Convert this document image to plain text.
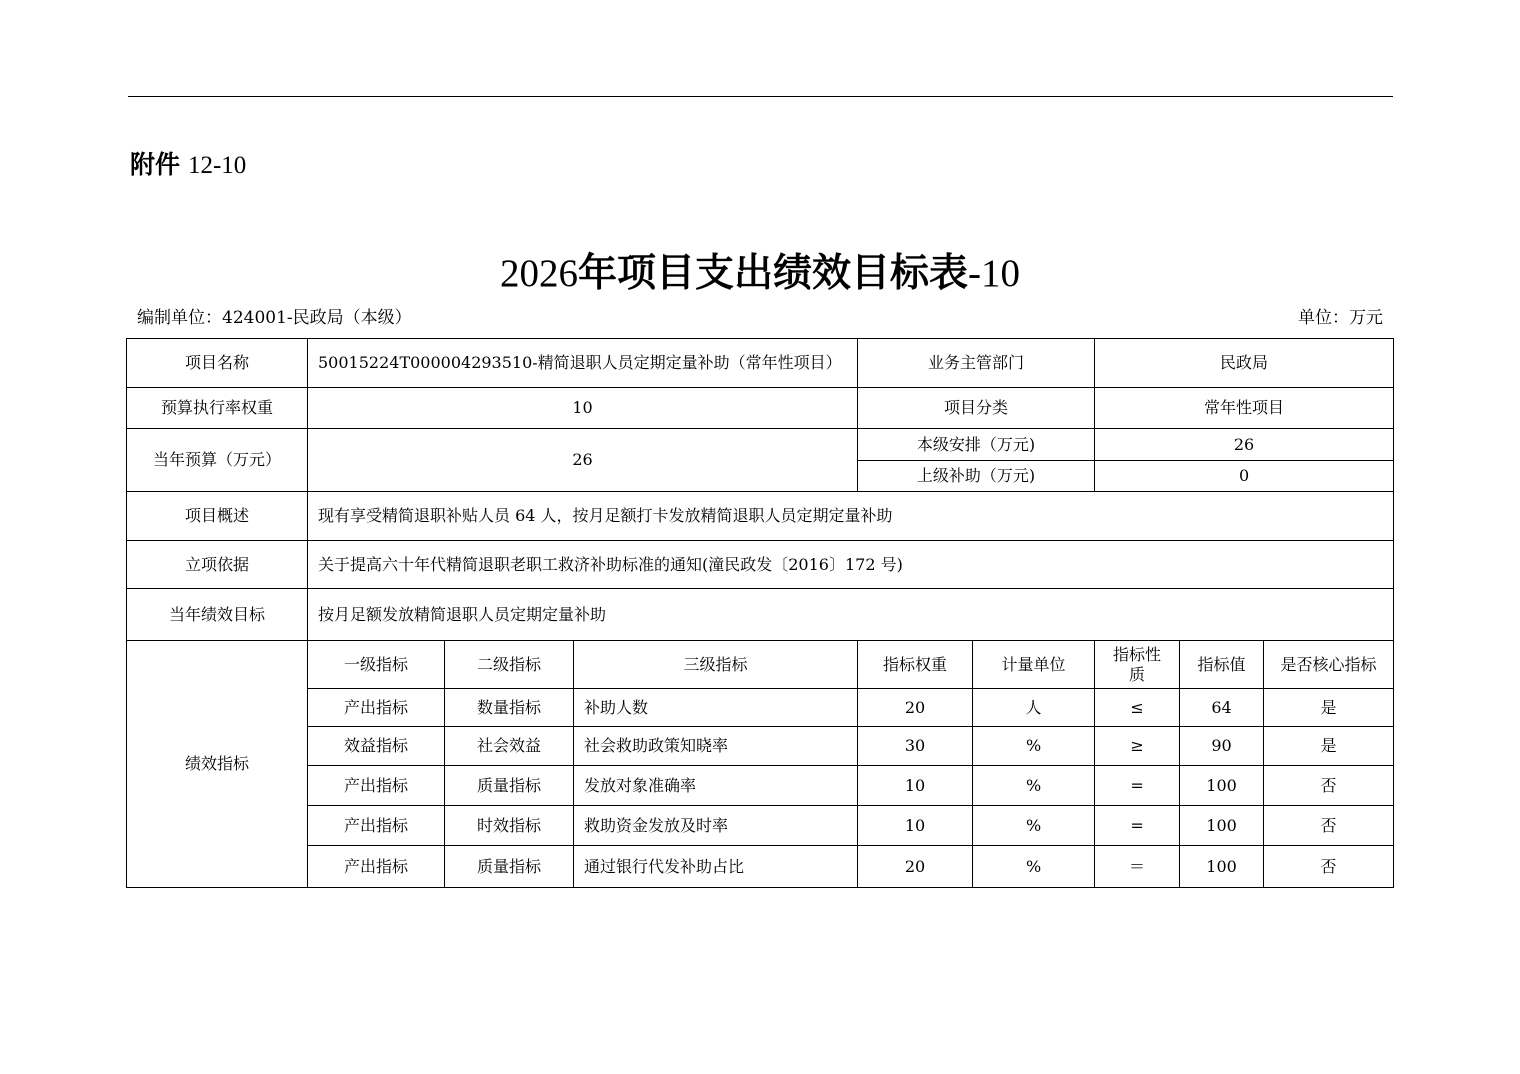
附件 12-10
2026年项目支出绩效目标表-10
编制单位：424001-民政局（本级）	单位：万元
项目名称	50015224T000004293510-精简退职人员定期定量补助（常年性项目）			业务主管部门		民政局		
预算执行率权重	10			项目分类		常年性项目		
当年预算（万元）	26			本级安排（万元)		26		
				上级补助（万元)		0		
项目概述	现有享受精简退职补贴人员 64 人，按月足额打卡发放精简退职人员定期定量补助							
立项依据	关于提高六十年代精简退职老职工救济补助标准的通知(潼民政发〔2016〕172 号)							
当年绩效目标	按月足额发放精简退职人员定期定量补助							
绩效指标	一级指标	二级指标	三级指标	指标权重	计量单位	指标性质	指标值	是否核心指标
	产出指标	数量指标	补助人数	20	人	≤	64	是
	效益指标	社会效益	社会救助政策知晓率	30	%	≥	90	是
	产出指标	质量指标	发放对象准确率	10	%	=	100	否
	产出指标	时效指标	救助资金发放及时率	10	%	=	100	否
	产出指标	质量指标	通过银行代发补助占比	20	%	＝	100	否
